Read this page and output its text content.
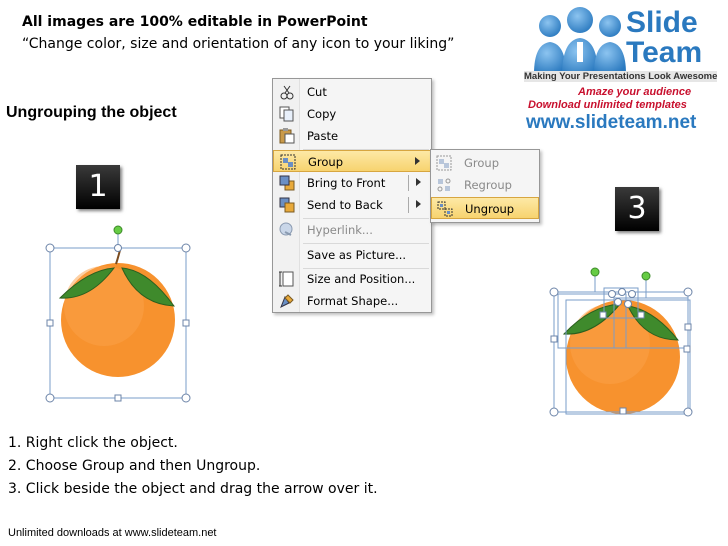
All images are 100% editable in PowerPoint
“Change color, size and orientation of any icon to your liking”
Slide
Team
Making Your Presentations Look Awesome
Amaze your audience
Download unlimited templates
www.slideteam.net
Ungrouping the object
1
3
Cut
Copy
Paste
Group
Bring to Front
Send to Back
Hyperlink...
Save as Picture...
Size and Position...
Format Shape...
Group
Regroup
Ungroup
1. Right click the object.
2. Choose Group and then Ungroup.
3. Click beside the object and drag the arrow over it.
Unlimited downloads at www.slideteam.net
